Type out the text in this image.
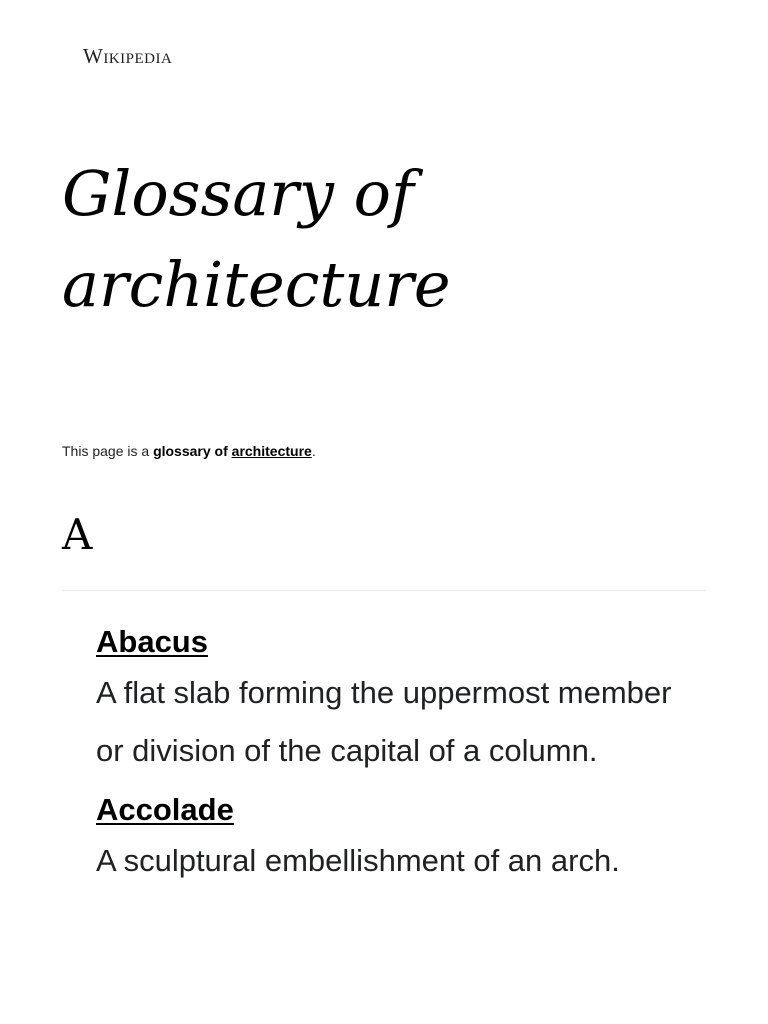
Wikipedia
Glossary of architecture

This page is a glossary of architecture.

A
Abacus
A flat slab forming the uppermost member or division of the capital of a column.
Accolade
A sculptural embellishment of an arch.
